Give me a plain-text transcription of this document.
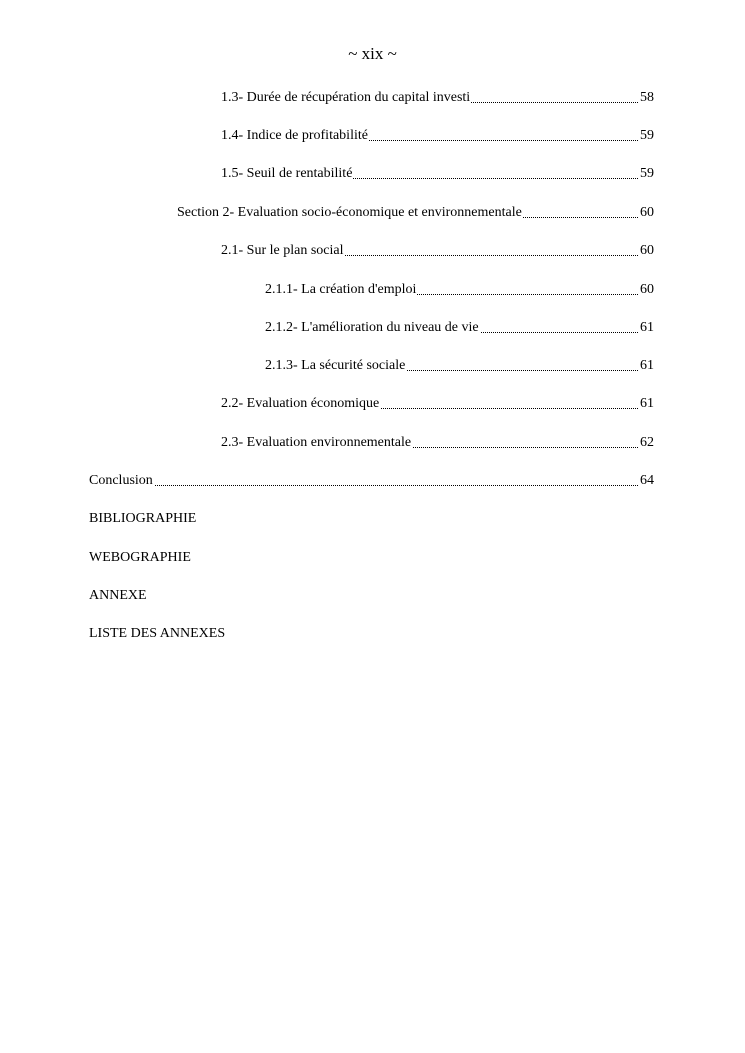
~ xix ~
1.3- Durée de récupération du capital investi	58
1.4- Indice de profitabilité	59
1.5- Seuil de rentabilité	59
Section 2- Evaluation socio-économique et environnementale	60
2.1- Sur le plan social	60
2.1.1- La création d'emploi	60
2.1.2- L'amélioration du niveau de vie	61
2.1.3- La sécurité sociale	61
2.2- Evaluation économique	61
2.3- Evaluation environnementale	62
Conclusion	64
BIBLIOGRAPHIE
WEBOGRAPHIE
ANNEXE
LISTE DES ANNEXES
